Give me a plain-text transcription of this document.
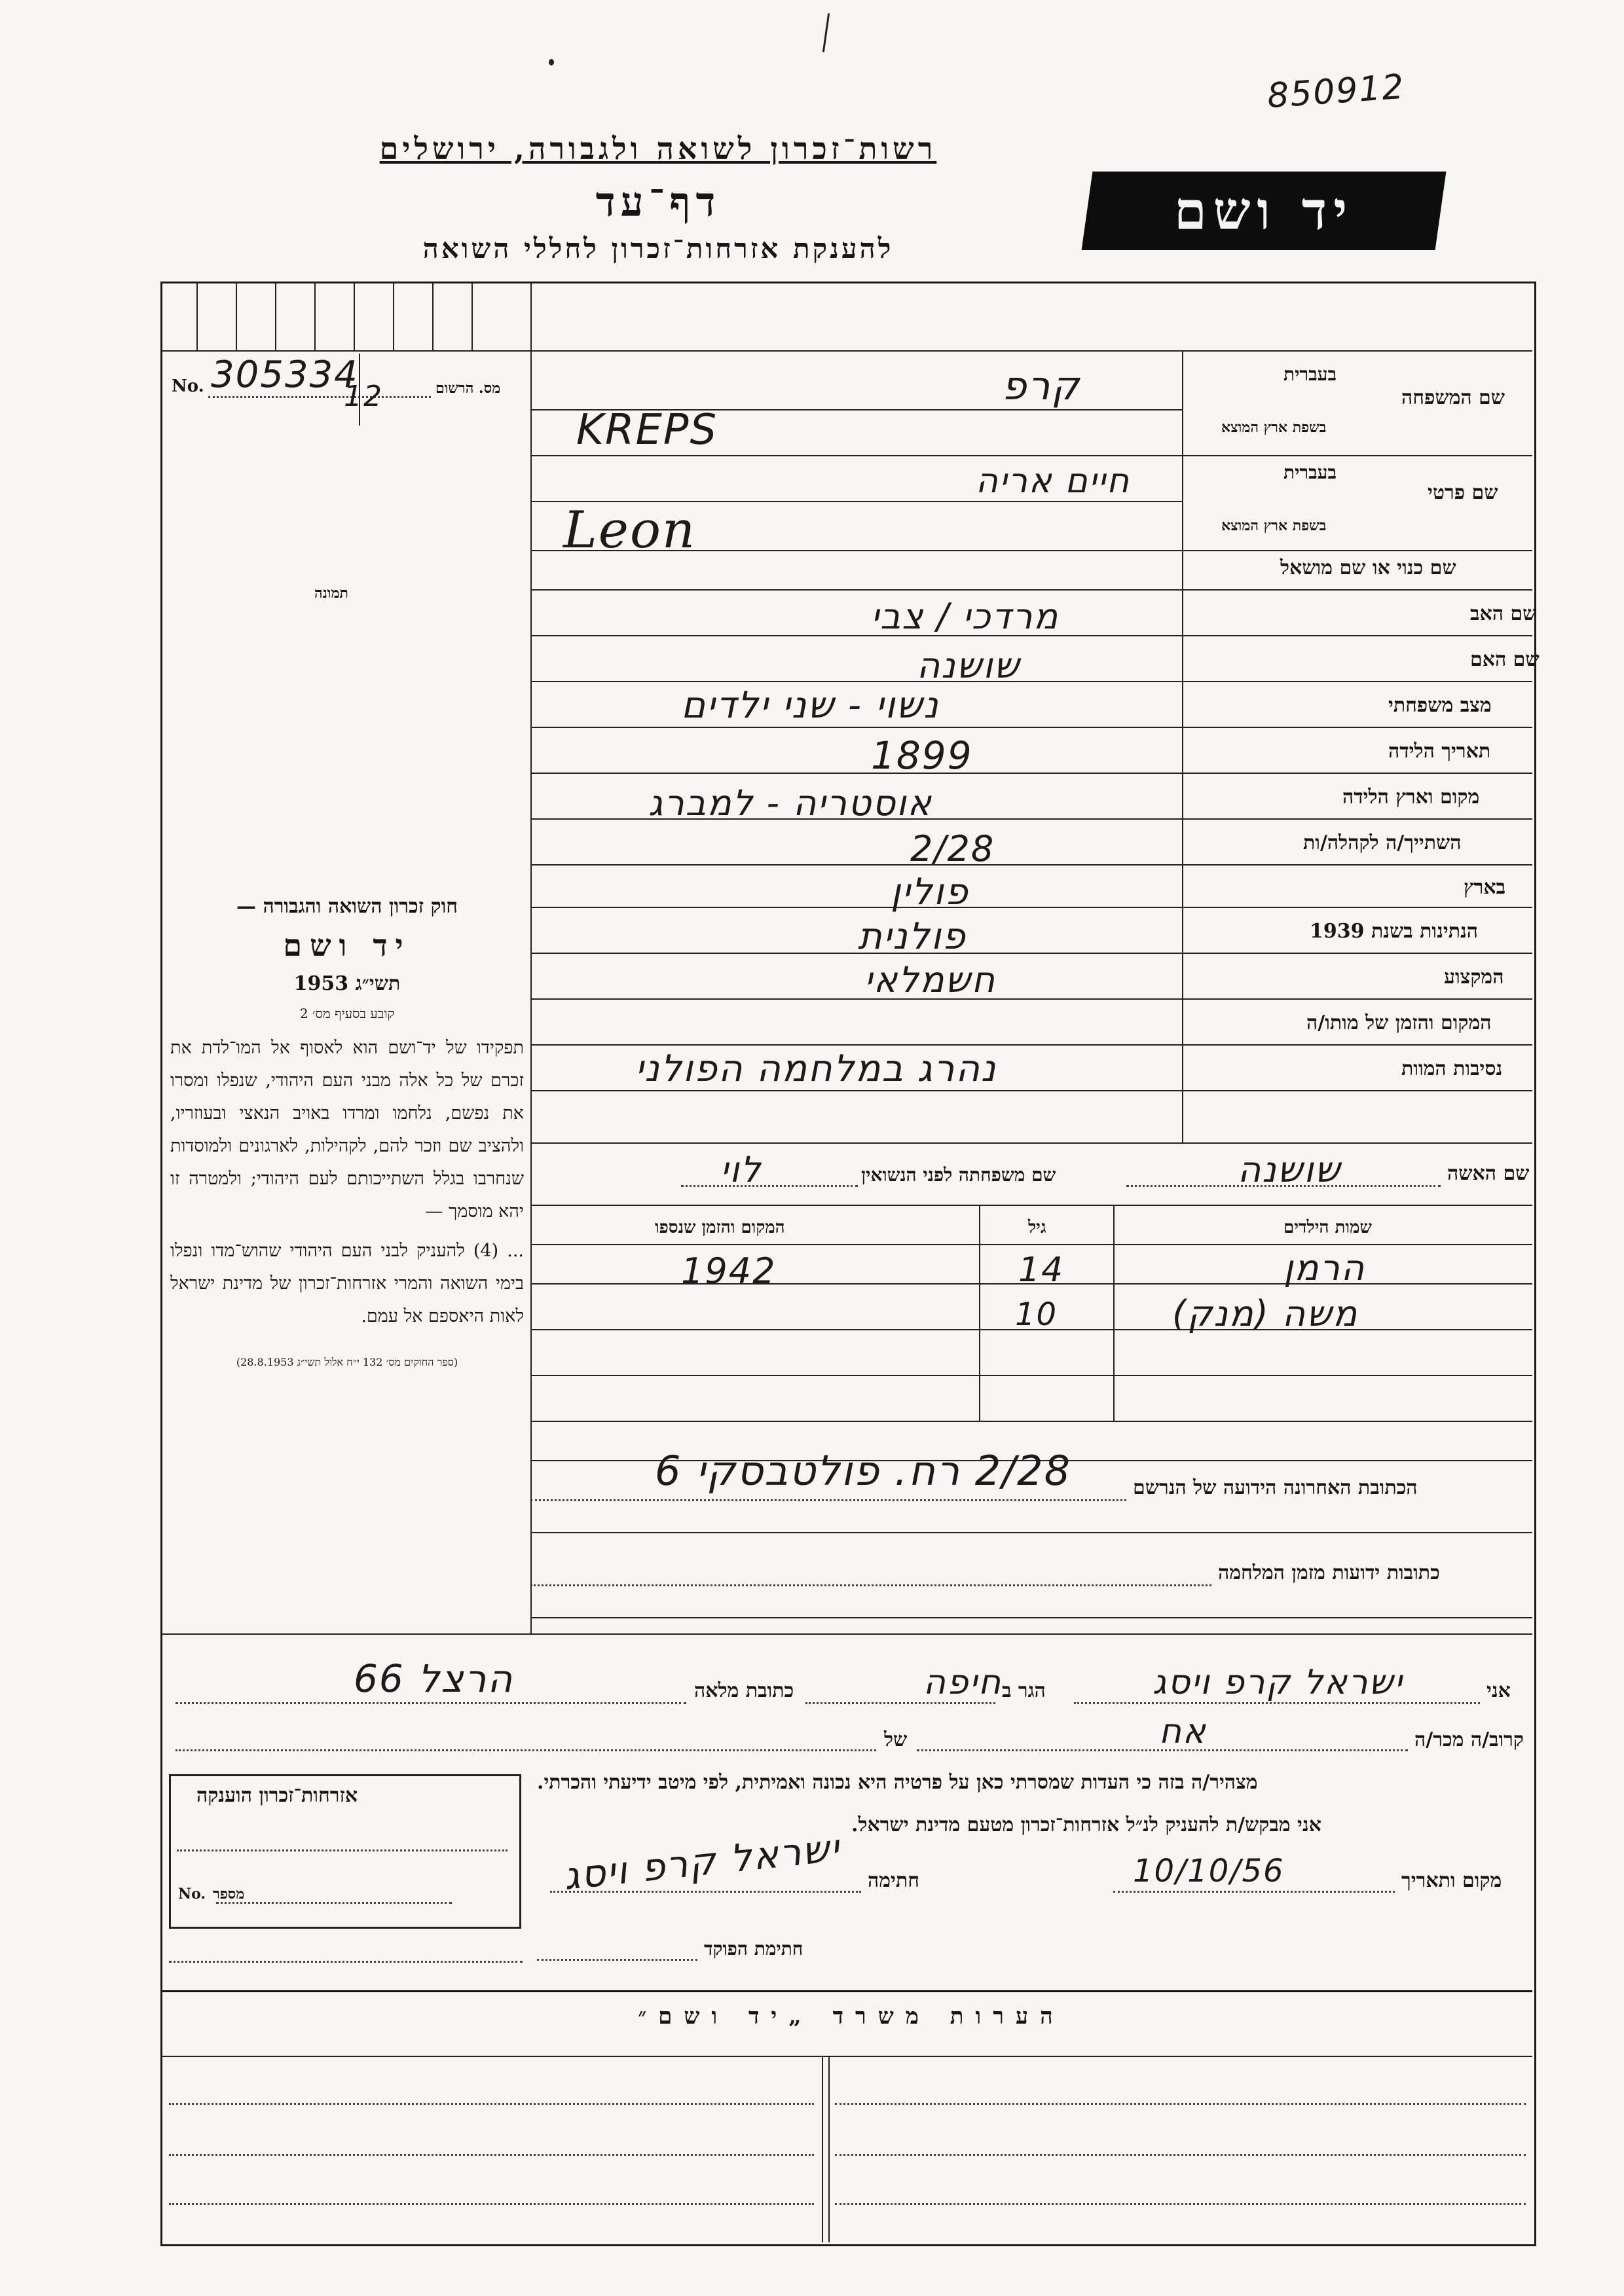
850912
רשות־זכרון לשואה ולגבורה, ירושלים
דף־עד
להענקת אזרחות־זכרון לחללי השואה
יד ושם
No. 305334
12	מס. הרשום
תמונה
שם המשפחה
בעברית
בשפת ארץ המוצא
קרפ
KREPS
שם פרטי
בעברית
בשפת ארץ המוצא
חיים אריה
Leon
שם כנוי או שם מושאל
שם האב
מרדכי / צבי
שם האם
שושנה
מצב משפחתי
נשוי - שני ילדים
תאריך הלידה
1899
מקום וארץ הלידה
אוסטריה - למברג
השתייך/ה לקהלה/ות
2/28
בארץ
פולין
הנתינות בשנת 1939
פולנית
המקצוע
חשמלאי
המקום והזמן של מותו/ה
נסיבות המוות
נהרג במלחמה הפולני
שם האשה
שושנה
שם משפחתה לפני הנשואין
לוי
שמות הילדים
גיל
המקום והזמן שנספו
הרמן
14
1942
משה (מנק)
10
הכתובת האחרונה הידועה של הנרשם
2/28 רח. פולטבסקי 6
כתובות ידועות מזמן המלחמה

חוק זכרון השואה והגבורה —

יד ושם

תשי״ג 1953

קובע בסעיף מס׳ 2

תפקידו של יד־ושם הוא לאסוף אל המו־לדת את זכרם של כל אלה מבני העם היהודי, שנפלו ומסרו את נפשם, נלחמו ומרדו באויב הנאצי ובעוזריו, ולהציב שם וזכר להם, לקהילות, לארגונים ולמוסדות שנחרבו בגלל השתייכותם לעם היהודי; ולמטרה זו יהא מוסמך —

... (4) להעניק לבני העם היהודי שהוש־מדו ונפלו בימי השואה והמרי אזרחות־זכרון של מדינת ישראל לאות היאספם אל עמם.

(ספר החוקים מס׳ 132 י״ח אלול תשי״ג 28.8.1953)

אני
ישראל קרפ ויסג
הגר ב
חיפה
כתובת מלאה
הרצל 66
קרוב/ה מכר/ה
אח
של
מצהיר/ה בזה כי העדות שמסרתי כאן על פרטיה היא נכונה ואמיתית, לפי מיטב ידיעתי והכרתי.
אני מבקש/ת להעניק לנ״ל אזרחות־זכרון מטעם מדינת ישראל.
מקום ותאריך
10/10/56
חתימה
ישראל קרפ ויסג
חתימת הפוקד
אזרחות־זכרון הוענקה
מספר
No.
הערות משרד „יד ושם״
